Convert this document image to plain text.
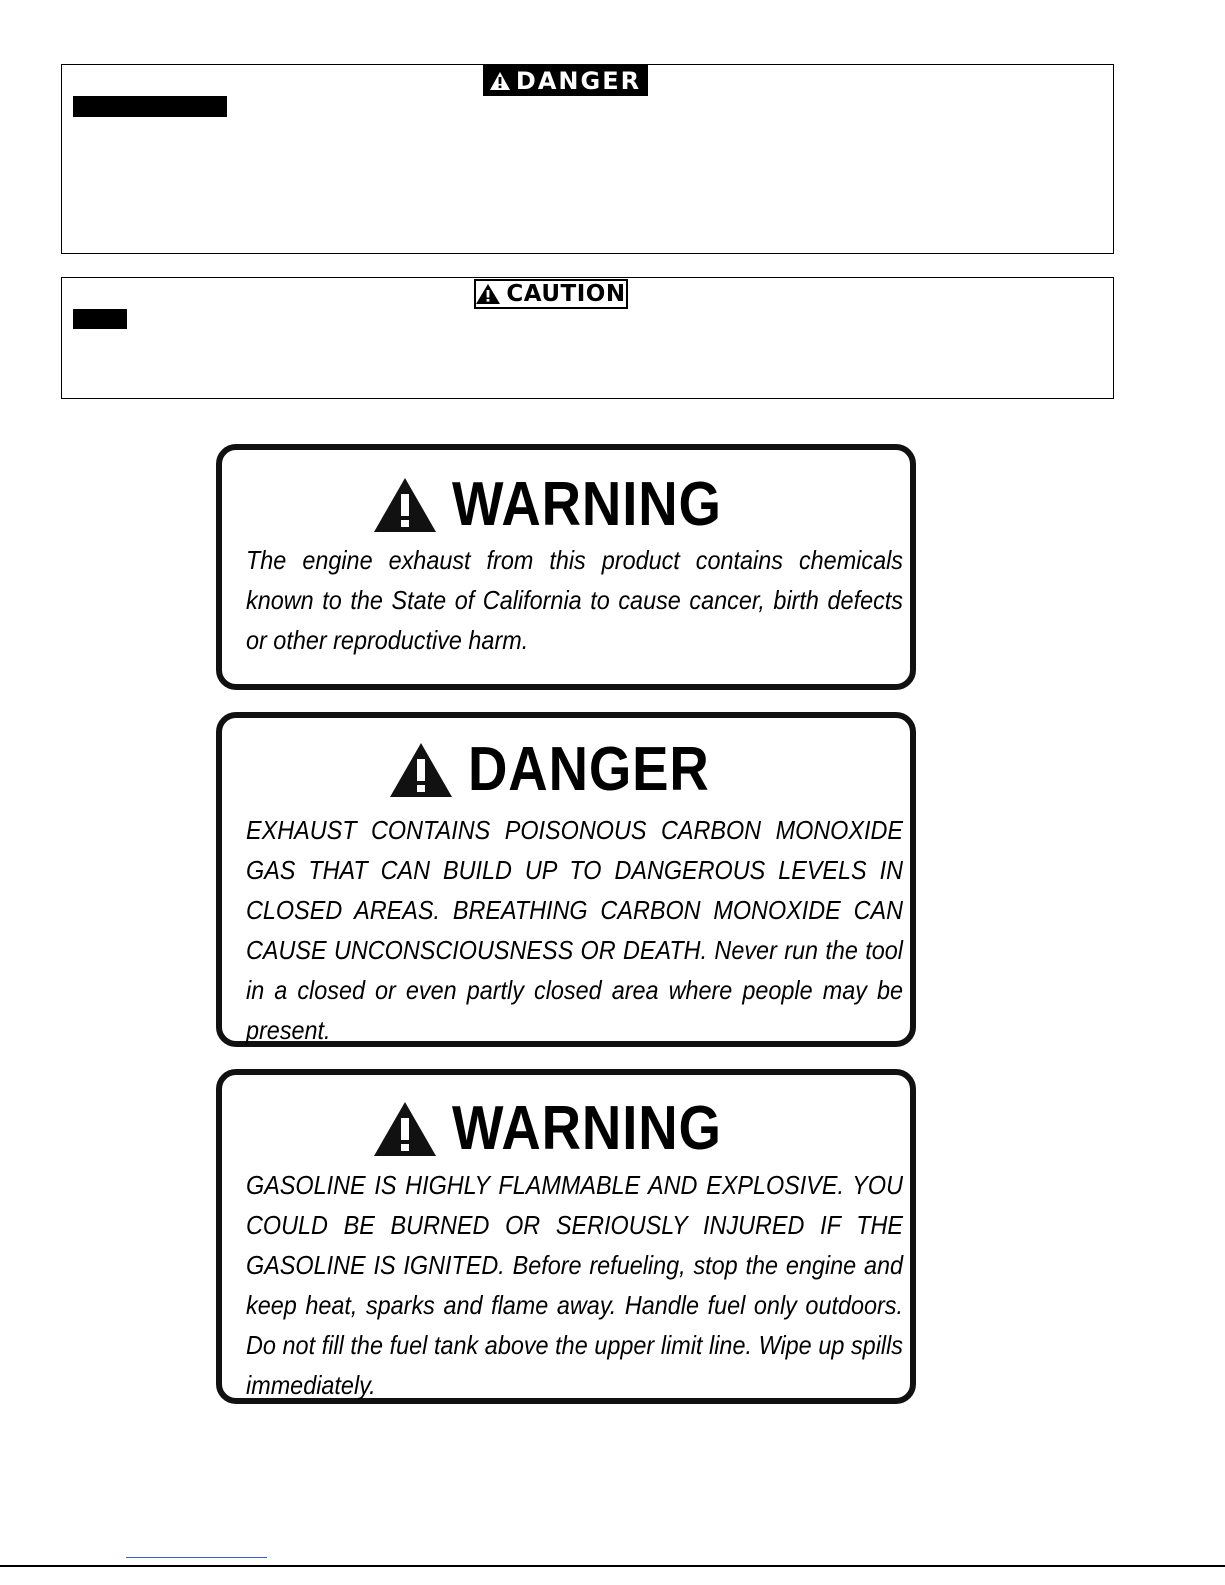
DANGER
CAUTION
WARNING
The engine exhaust from this product contains chemicals known to the State of California to cause cancer, birth defects or other reproductive harm.
DANGER
EXHAUST CONTAINS POISONOUS CARBON MONOXIDE GAS THAT CAN BUILD UP TO DANGEROUS LEVELS IN CLOSED AREAS. BREATHING CARBON MONOXIDE CAN CAUSE UNCONSCIOUSNESS OR DEATH. Never run the tool in a closed or even partly closed area where people may be present.
WARNING
GASOLINE IS HIGHLY FLAMMABLE AND EXPLOSIVE. YOU COULD BE BURNED OR SERIOUSLY INJURED IF THE GASOLINE IS IGNITED. Before refueling, stop the engine and keep heat, sparks and flame away. Handle fuel only outdoors. Do not fill the fuel tank above the upper limit line. Wipe up spills immediately.
